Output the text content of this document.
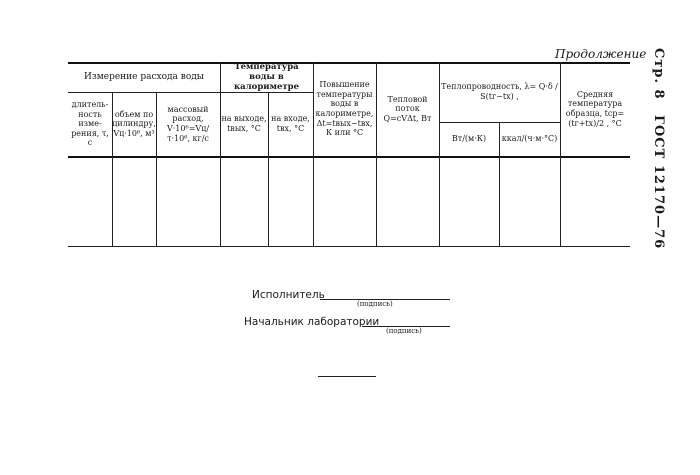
Продолжение Стр. 8 ГОСТ 12170—76
Измерение расхода воды
Температура воды в калориметре
длитель-ность изме-рения, τ, с
объем по цилиндру, Vц·10⁶, м³
массовый расход, V·10⁶=Vц/τ·10⁶, кг/с
на выходе, tвых, °C
на входе, tвх, °C
Повышение температуры воды в калориметре, Δt=tвых−tвх, К или °С
Тепловой поток Q=cVΔt, Вт
Теплопроводность, λ= Q·δ / S(tг−tх) ,
Вт/(м·К)	ккал/(ч·м·°С)
Средняя температура образца, tср= (tг+tх)/2 , °C
Исполнитель
(подпись)
Начальник лаборатории
(подпись)
